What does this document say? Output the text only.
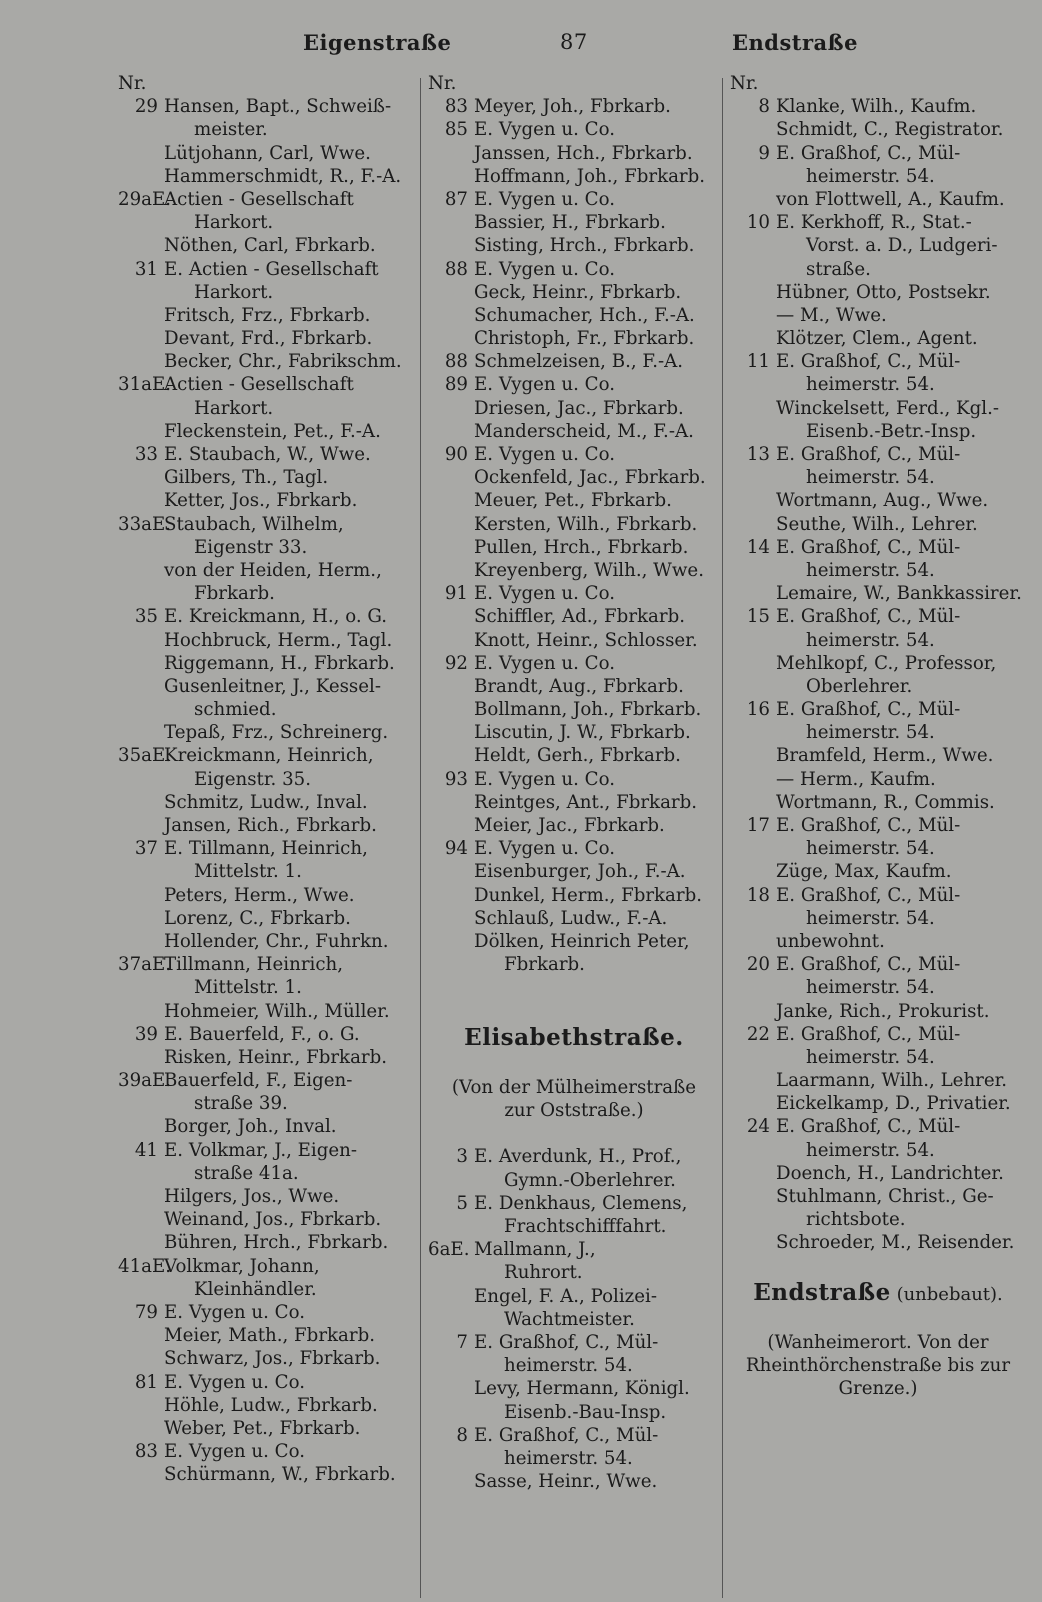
Eigenstraße	87	Endstraße
Nr.
29 Hansen, Bapt., Schweiß-
meister.
Lütjohann, Carl, Wwe.
Hammerschmidt, R., F.-A.
29aE.Actien - Gesellschaft
Harkort.
Nöthen, Carl, Fbrkarb.
31 E. Actien - Gesellschaft
Harkort.
Fritsch, Frz., Fbrkarb.
Devant, Frd., Fbrkarb.
Becker, Chr., Fabrikschm.
31aE.Actien - Gesellschaft
Harkort.
Fleckenstein, Pet., F.-A.
33 E. Staubach, W., Wwe.
Gilbers, Th., Tagl.
Ketter, Jos., Fbrkarb.
33aE.Staubach, Wilhelm,
Eigenstr 33.
von der Heiden, Herm.,
Fbrkarb.
35 E. Kreickmann, H., o. G.
Hochbruck, Herm., Tagl.
Riggemann, H., Fbrkarb.
Gusenleitner, J., Kessel-
schmied.
Tepaß, Frz., Schreinerg.
35aE.Kreickmann, Heinrich,
Eigenstr. 35.
Schmitz, Ludw., Inval.
Jansen, Rich., Fbrkarb.
37 E. Tillmann, Heinrich,
Mittelstr. 1.
Peters, Herm., Wwe.
Lorenz, C., Fbrkarb.
Hollender, Chr., Fuhrkn.
37aE.Tillmann, Heinrich,
Mittelstr. 1.
Hohmeier, Wilh., Müller.
39 E. Bauerfeld, F., o. G.
Risken, Heinr., Fbrkarb.
39aE.Bauerfeld, F., Eigen-
straße 39.
Borger, Joh., Inval.
41 E. Volkmar, J., Eigen-
straße 41a.
Hilgers, Jos., Wwe.
Weinand, Jos., Fbrkarb.
Bühren, Hrch., Fbrkarb.
41aE.Volkmar, Johann,
Kleinhändler.
79 E. Vygen u. Co.
Meier, Math., Fbrkarb.
Schwarz, Jos., Fbrkarb.
81 E. Vygen u. Co.
Höhle, Ludw., Fbrkarb.
Weber, Pet., Fbrkarb.
83 E. Vygen u. Co.
Schürmann, W., Fbrkarb.
Nr.
83 Meyer, Joh., Fbrkarb.
85 E. Vygen u. Co.
Janssen, Hch., Fbrkarb.
Hoffmann, Joh., Fbrkarb.
87 E. Vygen u. Co.
Bassier, H., Fbrkarb.
Sisting, Hrch., Fbrkarb.
88 E. Vygen u. Co.
Geck, Heinr., Fbrkarb.
Schumacher, Hch., F.-A.
Christoph, Fr., Fbrkarb.
88 Schmelzeisen, B., F.-A.
89 E. Vygen u. Co.
Driesen, Jac., Fbrkarb.
Manderscheid, M., F.-A.
90 E. Vygen u. Co.
Ockenfeld, Jac., Fbrkarb.
Meuer, Pet., Fbrkarb.
Kersten, Wilh., Fbrkarb.
Pullen, Hrch., Fbrkarb.
Kreyenberg, Wilh., Wwe.
91 E. Vygen u. Co.
Schiffler, Ad., Fbrkarb.
Knott, Heinr., Schlosser.
92 E. Vygen u. Co.
Brandt, Aug., Fbrkarb.
Bollmann, Joh., Fbrkarb.
Liscutin, J. W., Fbrkarb.
Heldt, Gerh., Fbrkarb.
93 E. Vygen u. Co.
Reintges, Ant., Fbrkarb.
Meier, Jac., Fbrkarb.
94 E. Vygen u. Co.
Eisenburger, Joh., F.-A.
Dunkel, Herm., Fbrkarb.
Schlauß, Ludw., F.-A.
Dölken, Heinrich Peter,
Fbrkarb.
Elisabethstraße.
(Von der Mülheimerstraße
zur Oststraße.)
3 E. Averdunk, H., Prof.,
Gymn.-Oberlehrer.
5 E. Denkhaus, Clemens,
Frachtschifffahrt.
6aE. Mallmann, J.,
Ruhrort.
Engel, F. A., Polizei-
Wachtmeister.
7 E. Graßhof, C., Mül-
heimerstr. 54.
Levy, Hermann, Königl.
Eisenb.-Bau-Insp.
8 E. Graßhof, C., Mül-
heimerstr. 54.
Sasse, Heinr., Wwe.
Nr.
8 Klanke, Wilh., Kaufm.
Schmidt, C., Registrator.
9 E. Graßhof, C., Mül-
heimerstr. 54.
von Flottwell, A., Kaufm.
10 E. Kerkhoff, R., Stat.-
Vorst. a. D., Ludgeri-
straße.
Hübner, Otto, Postsekr.
— M., Wwe.
Klötzer, Clem., Agent.
11 E. Graßhof, C., Mül-
heimerstr. 54.
Winckelsett, Ferd., Kgl.-
Eisenb.-Betr.-Insp.
13 E. Graßhof, C., Mül-
heimerstr. 54.
Wortmann, Aug., Wwe.
Seuthe, Wilh., Lehrer.
14 E. Graßhof, C., Mül-
heimerstr. 54.
Lemaire, W., Bankkassirer.
15 E. Graßhof, C., Mül-
heimerstr. 54.
Mehlkopf, C., Professor,
Oberlehrer.
16 E. Graßhof, C., Mül-
heimerstr. 54.
Bramfeld, Herm., Wwe.
— Herm., Kaufm.
Wortmann, R., Commis.
17 E. Graßhof, C., Mül-
heimerstr. 54.
Züge, Max, Kaufm.
18 E. Graßhof, C., Mül-
heimerstr. 54.
unbewohnt.
20 E. Graßhof, C., Mül-
heimerstr. 54.
Janke, Rich., Prokurist.
22 E. Graßhof, C., Mül-
heimerstr. 54.
Laarmann, Wilh., Lehrer.
Eickelkamp, D., Privatier.
24 E. Graßhof, C., Mül-
heimerstr. 54.
Doench, H., Landrichter.
Stuhlmann, Christ., Ge-
richtsbote.
Schroeder, M., Reisender.
Endstraße (unbebaut).
(Wanheimerort. Von der
Rheinthörchenstraße bis zur
Grenze.)
